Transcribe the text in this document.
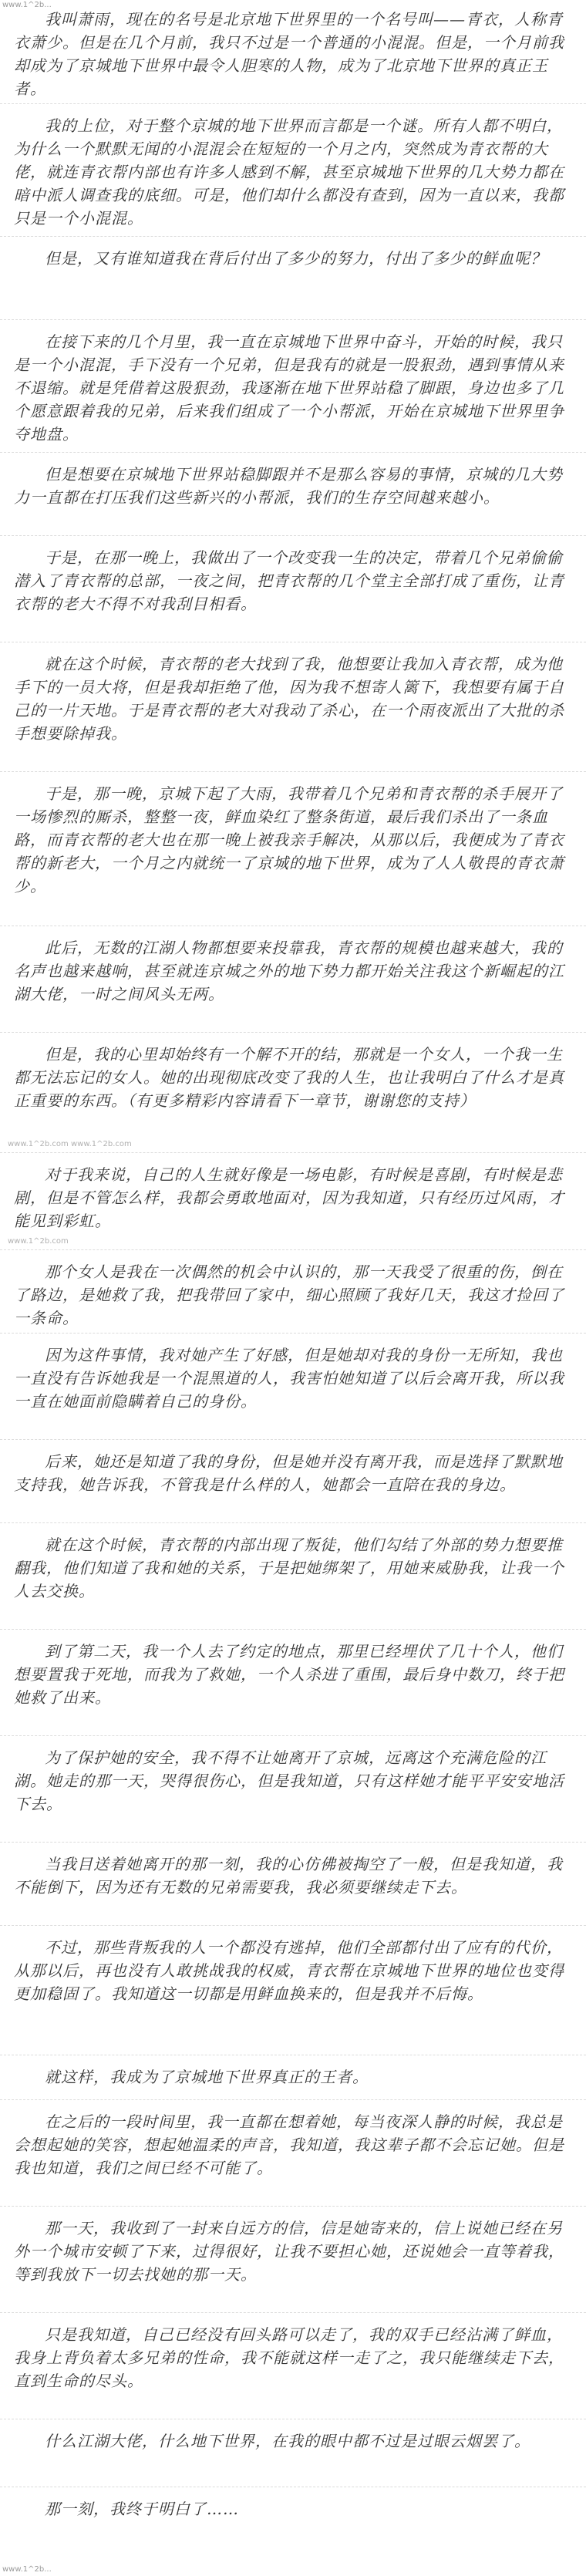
www.1^2b...

我叫萧雨，现在的名号是北京地下世界里的一个名号叫——青衣，人称青衣萧少。但是在几个月前，我只不过是一个普通的小混混。但是，一个月前我却成为了京城地下世界中最令人胆寒的人物，成为了北京地下世界的真正王者。

我的上位，对于整个京城的地下世界而言都是一个谜。所有人都不明白，为什么一个默默无闻的小混混会在短短的一个月之内，突然成为青衣帮的大佬，就连青衣帮内部也有许多人感到不解，甚至京城地下世界的几大势力都在暗中派人调查我的底细。可是，他们却什么都没有查到，因为一直以来，我都只是一个小混混。

但是，又有谁知道我在背后付出了多少的努力，付出了多少的鲜血呢？

在接下来的几个月里，我一直在京城地下世界中奋斗，开始的时候，我只是一个小混混，手下没有一个兄弟，但是我有的就是一股狠劲，遇到事情从来不退缩。就是凭借着这股狠劲，我逐渐在地下世界站稳了脚跟，身边也多了几个愿意跟着我的兄弟，后来我们组成了一个小帮派，开始在京城地下世界里争夺地盘。

但是想要在京城地下世界站稳脚跟并不是那么容易的事情，京城的几大势力一直都在打压我们这些新兴的小帮派，我们的生存空间越来越小。

于是，在那一晚上，我做出了一个改变我一生的决定，带着几个兄弟偷偷潜入了青衣帮的总部，一夜之间，把青衣帮的几个堂主全部打成了重伤，让青衣帮的老大不得不对我刮目相看。

就在这个时候，青衣帮的老大找到了我，他想要让我加入青衣帮，成为他手下的一员大将，但是我却拒绝了他，因为我不想寄人篱下，我想要有属于自己的一片天地。于是青衣帮的老大对我动了杀心，在一个雨夜派出了大批的杀手想要除掉我。

于是，那一晚，京城下起了大雨，我带着几个兄弟和青衣帮的杀手展开了一场惨烈的厮杀，整整一夜，鲜血染红了整条街道，最后我们杀出了一条血路，而青衣帮的老大也在那一晚上被我亲手解决，从那以后，我便成为了青衣帮的新老大，一个月之内就统一了京城的地下世界，成为了人人敬畏的青衣萧少。

此后，无数的江湖人物都想要来投靠我，青衣帮的规模也越来越大，我的名声也越来越响，甚至就连京城之外的地下势力都开始关注我这个新崛起的江湖大佬，一时之间风头无两。

但是，我的心里却始终有一个解不开的结，那就是一个女人，一个我一生都无法忘记的女人。她的出现彻底改变了我的人生，也让我明白了什么才是真正重要的东西。（有更多精彩内容请看下一章节，谢谢您的支持）

www.1^2b.com www.1^2b.com

对于我来说，自己的人生就好像是一场电影，有时候是喜剧，有时候是悲剧，但是不管怎么样，我都会勇敢地面对，因为我知道，只有经历过风雨，才能见到彩虹。

www.1^2b.com

那个女人是我在一次偶然的机会中认识的，那一天我受了很重的伤，倒在了路边，是她救了我，把我带回了家中，细心照顾了我好几天，我这才捡回了一条命。

因为这件事情，我对她产生了好感，但是她却对我的身份一无所知，我也一直没有告诉她我是一个混黑道的人，我害怕她知道了以后会离开我，所以我一直在她面前隐瞒着自己的身份。

后来，她还是知道了我的身份，但是她并没有离开我，而是选择了默默地支持我，她告诉我，不管我是什么样的人，她都会一直陪在我的身边。

就在这个时候，青衣帮的内部出现了叛徒，他们勾结了外部的势力想要推翻我，他们知道了我和她的关系，于是把她绑架了，用她来威胁我，让我一个人去交换。

到了第二天，我一个人去了约定的地点，那里已经埋伏了几十个人，他们想要置我于死地，而我为了救她，一个人杀进了重围，最后身中数刀，终于把她救了出来。

为了保护她的安全，我不得不让她离开了京城，远离这个充满危险的江湖。她走的那一天，哭得很伤心，但是我知道，只有这样她才能平平安安地活下去。

当我目送着她离开的那一刻，我的心仿佛被掏空了一般，但是我知道，我不能倒下，因为还有无数的兄弟需要我，我必须要继续走下去。

不过，那些背叛我的人一个都没有逃掉，他们全部都付出了应有的代价，从那以后，再也没有人敢挑战我的权威，青衣帮在京城地下世界的地位也变得更加稳固了。我知道这一切都是用鲜血换来的，但是我并不后悔。

就这样，我成为了京城地下世界真正的王者。

在之后的一段时间里，我一直都在想着她，每当夜深人静的时候，我总是会想起她的笑容，想起她温柔的声音，我知道，我这辈子都不会忘记她。但是我也知道，我们之间已经不可能了。

那一天，我收到了一封来自远方的信，信是她寄来的，信上说她已经在另外一个城市安顿了下来，过得很好，让我不要担心她，还说她会一直等着我，等到我放下一切去找她的那一天。

只是我知道，自己已经没有回头路可以走了，我的双手已经沾满了鲜血，我身上背负着太多兄弟的性命，我不能就这样一走了之，我只能继续走下去，直到生命的尽头。

什么江湖大佬，什么地下世界，在我的眼中都不过是过眼云烟罢了。

那一刻，我终于明白了……

www.1^2b...
